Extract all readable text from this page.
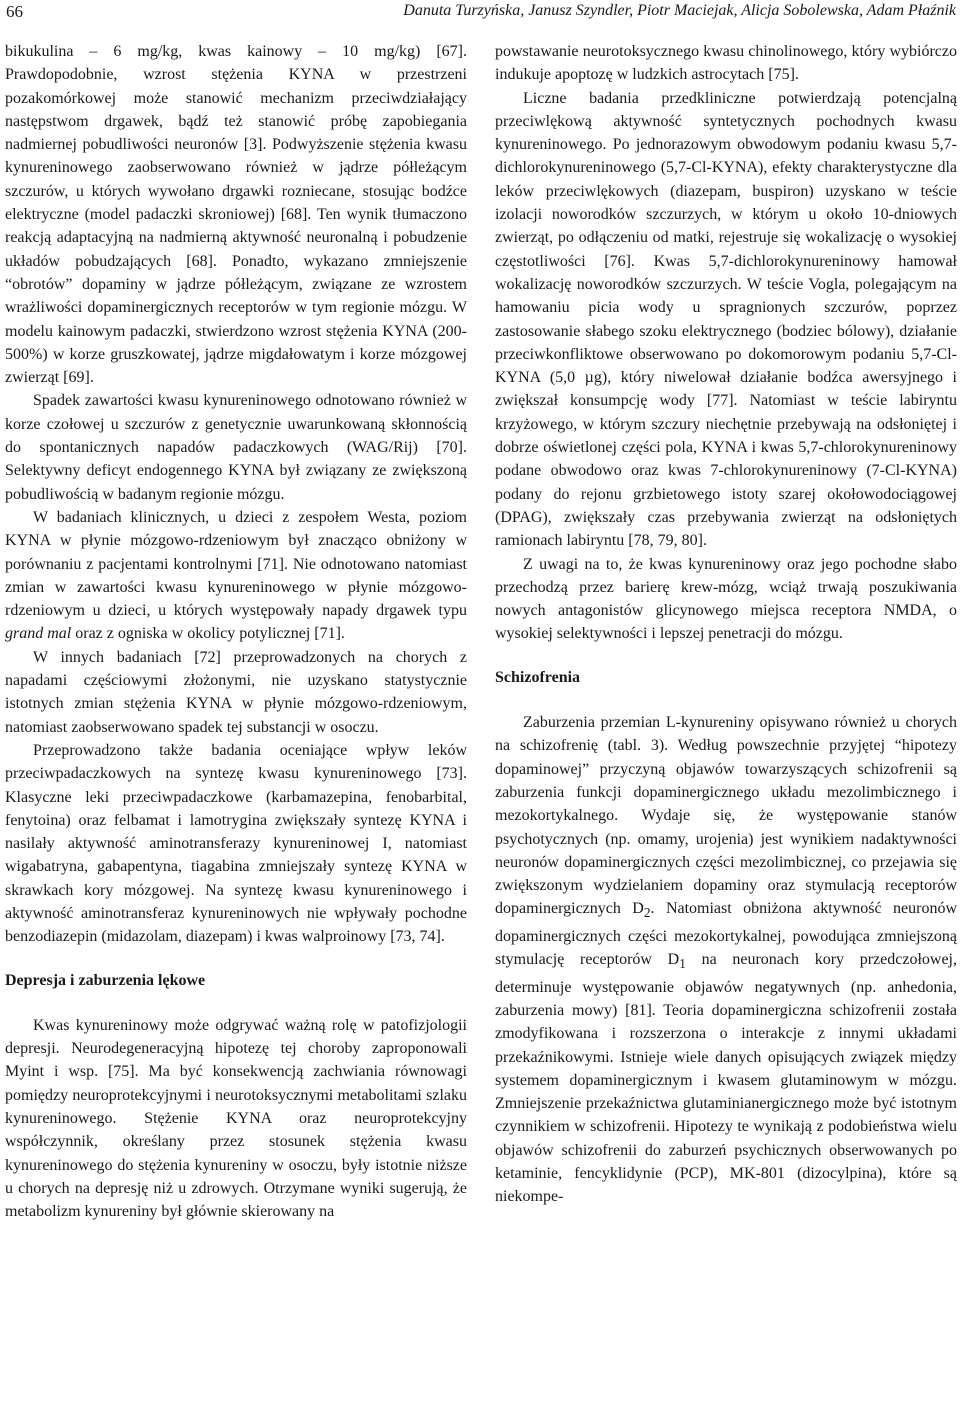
66	Danuta Turzyńska, Janusz Szyndler, Piotr Maciejak, Alicja Sobolewska, Adam Płaźnik

bikukulina – 6 mg/kg, kwas kainowy – 10 mg/kg) [67]. Prawdopodobnie, wzrost stężenia KYNA w przestrzeni pozakomórkowej może stanowić mechanizm przeciwdziałający następstwom drgawek, bądź też stanowić próbę zapobiegania nadmiernej pobudliwości neuronów [3]. Podwyższenie stężenia kwasu kynureninowego zaobserwowano również w jądrze półleżącym szczurów, u których wywołano drgawki rozniecane, stosując bodźce elektryczne (model padaczki skroniowej) [68]. Ten wynik tłumaczono reakcją adaptacyjną na nadmierną aktywność neuronalną i pobudzenie układów pobudzających [68]. Ponadto, wykazano zmniejszenie “obrotów” dopaminy w jądrze półleżącym, związane ze wzrostem wrażliwości dopaminergicznych receptorów w tym regionie mózgu. W modelu kainowym padaczki, stwierdzono wzrost stężenia KYNA (200-500%) w korze gruszkowatej, jądrze migdałowatym i korze mózgowej zwierząt [69].

Spadek zawartości kwasu kynureninowego odnotowano również w korze czołowej u szczurów z genetycznie uwarunkowaną skłonnością do spontanicznych napadów padaczkowych (WAG/Rij) [70]. Selektywny deficyt endogennego KYNA był związany ze zwiększoną pobudliwością w badanym regionie mózgu.

W badaniach klinicznych, u dzieci z zespołem Westa, poziom KYNA w płynie mózgowo-rdzeniowym był znacząco obniżony w porównaniu z pacjentami kontrolnymi [71]. Nie odnotowano natomiast zmian w zawartości kwasu kynureninowego w płynie mózgowo-rdzeniowym u dzieci, u których występowały napady drgawek typu grand mal oraz z ogniska w okolicy potylicznej [71].

W innych badaniach [72] przeprowadzonych na chorych z napadami częściowymi złożonymi, nie uzyskano statystycznie istotnych zmian stężenia KYNA w płynie mózgowo-rdzeniowym, natomiast zaobserwowano spadek tej substancji w osoczu.

Przeprowadzono także badania oceniające wpływ leków przeciwpadaczkowych na syntezę kwasu kynureninowego [73]. Klasyczne leki przeciwpadaczkowe (karbamazepina, fenobarbital, fenytoina) oraz felbamat i lamotrygina zwiększały syntezę KYNA i nasilały aktywność aminotransferazy kynureninowej I, natomiast wigabatryna, gabapentyna, tiagabina zmniejszały syntezę KYNA w skrawkach kory mózgowej. Na syntezę kwasu kynureninowego i aktywność aminotransferaz kynureninowych nie wpływały pochodne benzodiazepin (midazolam, diazepam) i kwas walproinowy [73, 74].

Depresja i zaburzenia lękowe

Kwas kynureninowy może odgrywać ważną rolę w patofizjologii depresji. Neurodegeneracyjną hipotezę tej choroby zaproponowali Myint i wsp. [75]. Ma być konsekwencją zachwiania równowagi pomiędzy neuroprotekcyjnymi i neurotoksycznymi metabolitami szlaku kynureninowego. Stężenie KYNA oraz neuroprotekcyjny współczynnik, określany przez stosunek stężenia kwasu kynureninowego do stężenia kynureniny w osoczu, były istotnie niższe u chorych na depresję niż u zdrowych. Otrzymane wyniki sugerują, że metabolizm kynureniny był głównie skierowany na

powstawanie neurotoksycznego kwasu chinolinowego, który wybiórczo indukuje apoptozę w ludzkich astrocytach [75].

Liczne badania przedkliniczne potwierdzają potencjalną przeciwlękową aktywność syntetycznych pochodnych kwasu kynureninowego. Po jednorazowym obwodowym podaniu kwasu 5,7-dichlorokynureninowego (5,7-Cl-KYNA), efekty charakterystyczne dla leków przeciwlękowych (diazepam, buspiron) uzyskano w teście izolacji noworodków szczurzych, w którym u około 10-dniowych zwierząt, po odłączeniu od matki, rejestruje się wokalizację o wysokiej częstotliwości [76]. Kwas 5,7-dichlorokynureninowy hamował wokalizację noworodków szczurzych. W teście Vogla, polegającym na hamowaniu picia wody u spragnionych szczurów, poprzez zastosowanie słabego szoku elektrycznego (bodziec bólowy), działanie przeciwkonfliktowe obserwowano po dokomorowym podaniu 5,7-Cl-KYNA (5,0 µg), który niwelował działanie bodźca awersyjnego i zwiększał konsumpcję wody [77]. Natomiast w teście labiryntu krzyżowego, w którym szczury niechętnie przebywają na odsłoniętej i dobrze oświetlonej części pola, KYNA i kwas 5,7-chlorokynureninowy podane obwodowo oraz kwas 7-chlorokynureninowy (7-Cl-KYNA) podany do rejonu grzbietowego istoty szarej okołowodociągowej (DPAG), zwiększały czas przebywania zwierząt na odsłoniętych ramionach labiryntu [78, 79, 80].

Z uwagi na to, że kwas kynureninowy oraz jego pochodne słabo przechodzą przez barierę krew-mózg, wciąż trwają poszukiwania nowych antagonistów glicynowego miejsca receptora NMDA, o wysokiej selektywności i lepszej penetracji do mózgu.

Schizofrenia

Zaburzenia przemian L-kynureniny opisywano również u chorych na schizofrenię (tabl. 3). Według powszechnie przyjętej “hipotezy dopaminowej” przyczyną objawów towarzyszących schizofrenii są zaburzenia funkcji dopaminergicznego układu mezolimbicznego i mezokortykalnego. Wydaje się, że występowanie stanów psychotycznych (np. omamy, urojenia) jest wynikiem nadaktywności neuronów dopaminergicznych części mezolimbicznej, co przejawia się zwiększonym wydzielaniem dopaminy oraz stymulacją receptorów dopaminergicznych $D_2$. Natomiast obniżona aktywność neuronów dopaminergicznych części mezokortykalnej, powodująca zmniejszoną stymulację receptorów $D_1$ na neuronach kory przedczołowej, determinuje występowanie objawów negatywnych (np. anhedonia, zaburzenia mowy) [81]. Teoria dopaminergiczna schizofrenii została zmodyfikowana i rozszerzona o interakcje z innymi układami przekaźnikowymi. Istnieje wiele danych opisujących związek między systemem dopaminergicznym i kwasem glutaminowym w mózgu. Zmniejszenie przekaźnictwa glutaminianergicznego może być istotnym czynnikiem w schizofrenii. Hipotezy te wynikają z podobieństwa wielu objawów schizofrenii do zaburzeń psychicznych obserwowanych po ketaminie, fencyklidynie (PCP), MK-801 (dizocylpina), które są niekompe-
